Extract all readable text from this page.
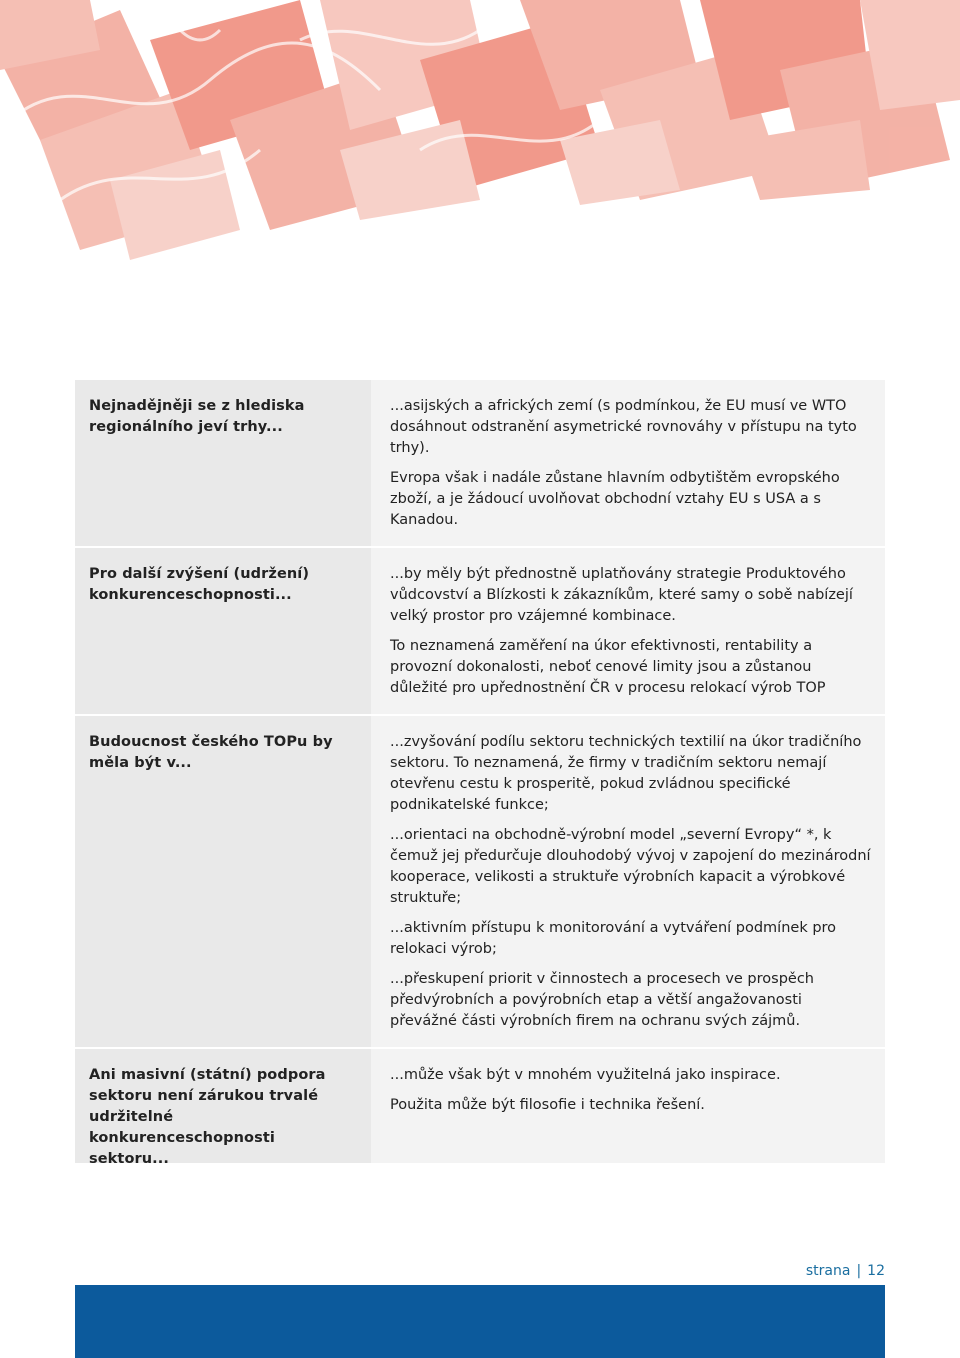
Nejnadějněji se z hlediska regionálního jeví trhy...

...asijských a afrických zemí (s podmínkou, že EU musí ve WTO dosáhnout odstranění asymetrické rovnováhy v přístupu na tyto trhy).

Evropa však i nadále zůstane hlavním odbytištěm evropského zboží, a je žádoucí uvolňovat obchodní vztahy EU s USA a s Kanadou.

Pro další zvýšení (udržení) konkurenceschopnosti...

...by měly být přednostně uplatňovány strategie Produktového vůdcovství a Blízkosti k zákazníkům, které samy o sobě nabízejí velký prostor pro vzájemné kombinace.

To neznamená zaměření na úkor efektivnosti, rentability a provozní dokonalosti, neboť cenové limity jsou a zůstanou důležité pro upřednostnění ČR v procesu relokací výrob TOP

Budoucnost českého TOPu by měla být v...

...zvyšování podílu sektoru technických textilií na úkor tradičního sektoru. To neznamená, že firmy v tradičním sektoru nemají otevřenu cestu k prosperitě, pokud zvládnou specifické podnikatelské funkce;

...orientaci na obchodně-výrobní model „severní Evropy“ *, k čemuž jej předurčuje dlouhodobý vývoj v zapojení do mezinárodní kooperace, velikosti a struktuře výrobních kapacit a výrobkové struktuře;

...aktivním přístupu k monitorování a vytváření podmínek pro relokaci výrob;

...přeskupení priorit v činnostech a procesech ve prospěch předvýrobních a povýrobních etap a větší angažovanosti převážné části výrobních firem na ochranu svých zájmů.

Ani masivní (státní) podpora sektoru není zárukou trvalé udržitelné konkurenceschopnosti sektoru...

...může však být v mnohém využitelná jako inspirace.

Použita může být filosofie i technika řešení.

strana | 12
